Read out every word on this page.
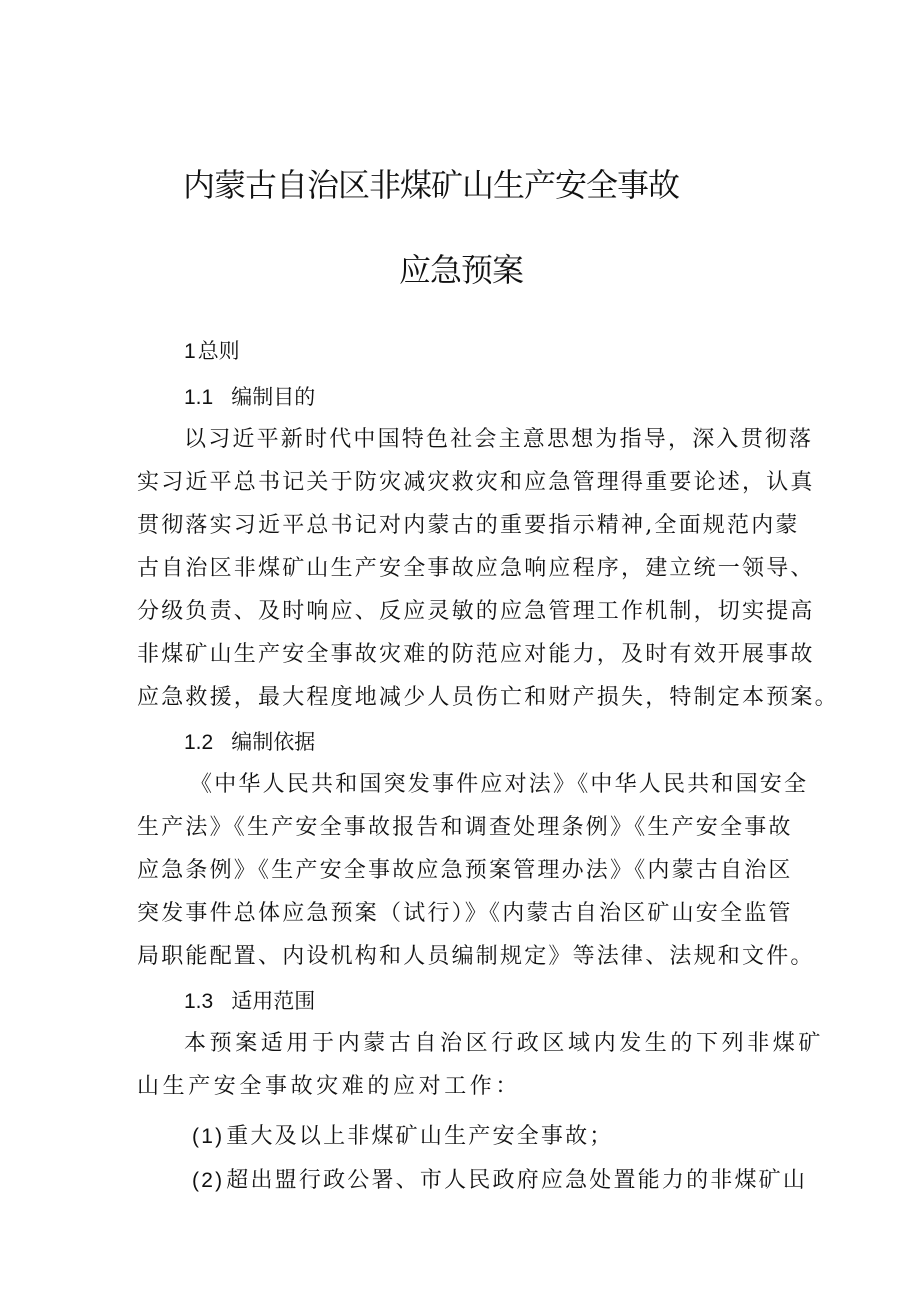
内蒙古自治区非煤矿山生产安全事故
应急预案
1总则
1.1 编制目的
以习近平新时代中国特色社会主意思想为指导，深入贯彻落
实习近平总书记关于防灾减灾救灾和应急管理得重要论述，认真
贯彻落实习近平总书记对内蒙古的重要指示精神,全面规范内蒙
古自治区非煤矿山生产安全事故应急响应程序，建立统一领导、
分级负责、及时响应、反应灵敏的应急管理工作机制，切实提高
非煤矿山生产安全事故灾难的防范应对能力，及时有效开展事故
应急救援，最大程度地减少人员伤亡和财产损失，特制定本预案。
1.2 编制依据
《中华人民共和国突发事件应对法》《中华人民共和国安全
生产法》《生产安全事故报告和调查处理条例》《生产安全事故
应急条例》《生产安全事故应急预案管理办法》《内蒙古自治区
突发事件总体应急预案（试行）》《内蒙古自治区矿山安全监管
局职能配置、内设机构和人员编制规定》等法律、法规和文件。
1.3 适用范围
本预案适用于内蒙古自治区行政区域内发生的下列非煤矿
山生产安全事故灾难的应对工作：
(1)重大及以上非煤矿山生产安全事故；
(2)超出盟行政公署、市人民政府应急处置能力的非煤矿山
